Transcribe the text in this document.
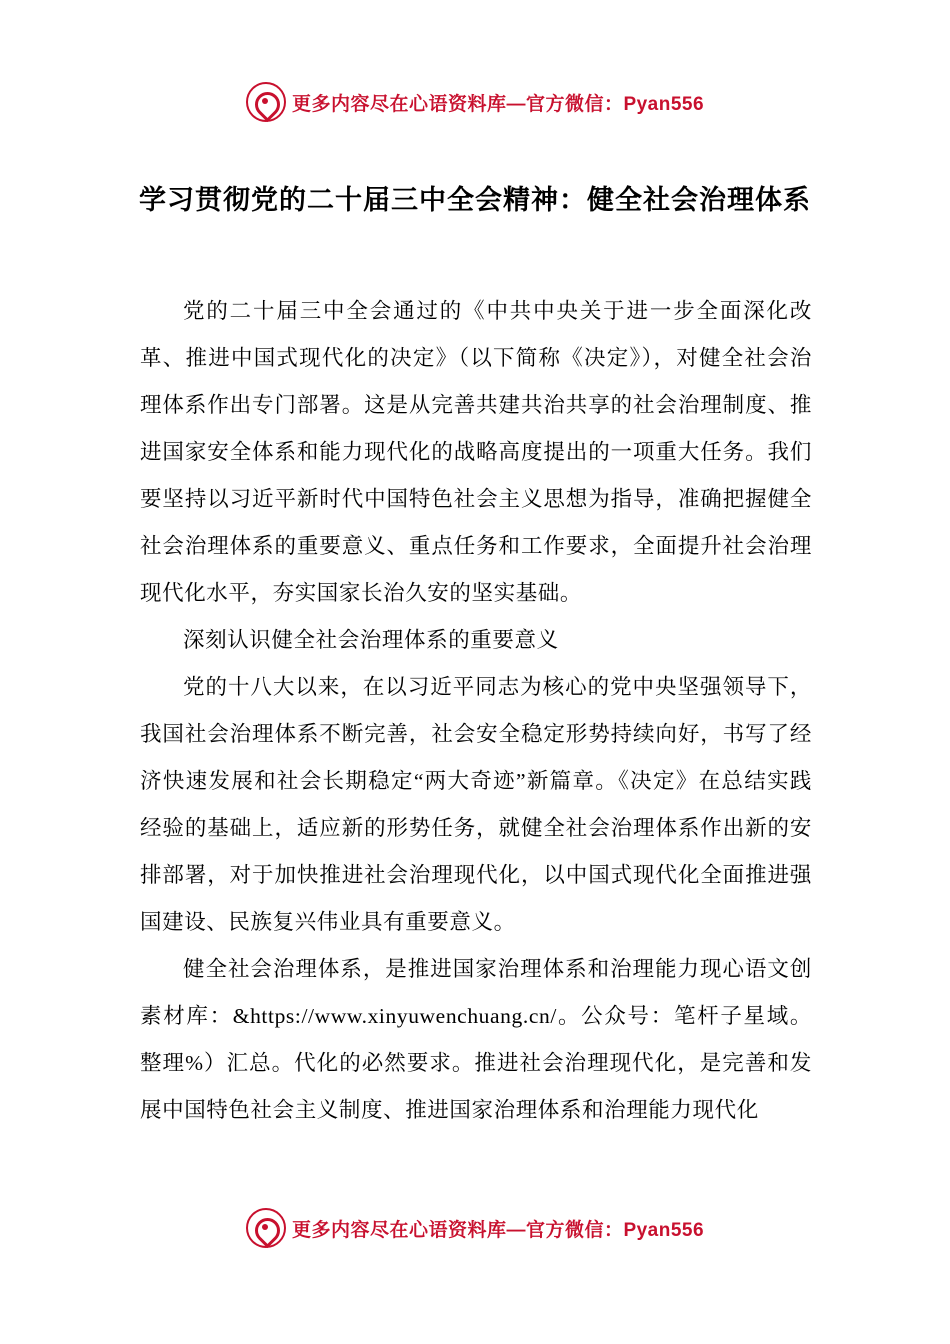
更多内容尽在心语资料库—官方微信：Pyan556
学习贯彻党的二十届三中全会精神：健全社会治理体系

党的二十届三中全会通过的《中共中央关于进一步全面深化改革、推进中国式现代化的决定》（以下简称《决定》），对健全社会治理体系作出专门部署。这是从完善共建共治共享的社会治理制度、推进国家安全体系和能力现代化的战略高度提出的一项重大任务。我们要坚持以习近平新时代中国特色社会主义思想为指导，准确把握健全社会治理体系的重要意义、重点任务和工作要求，全面提升社会治理现代化水平，夯实国家长治久安的坚实基础。

深刻认识健全社会治理体系的重要意义

党的十八大以来，在以习近平同志为核心的党中央坚强领导下，我国社会治理体系不断完善，社会安全稳定形势持续向好，书写了经济快速发展和社会长期稳定“两大奇迹”新篇章。《决定》在总结实践经验的基础上，适应新的形势任务，就健全社会治理体系作出新的安排部署，对于加快推进社会治理现代化，以中国式现代化全面推进强国建设、民族复兴伟业具有重要意义。

健全社会治理体系，是推进国家治理体系和治理能力现心语文创素材库：&https://www.xinyuwenchuang.cn/。公众号：笔杆子星域。整理%）汇总。代化的必然要求。推进社会治理现代化，是完善和发展中国特色社会主义制度、推进国家治理体系和治理能力现代化

更多内容尽在心语资料库—官方微信：Pyan556
